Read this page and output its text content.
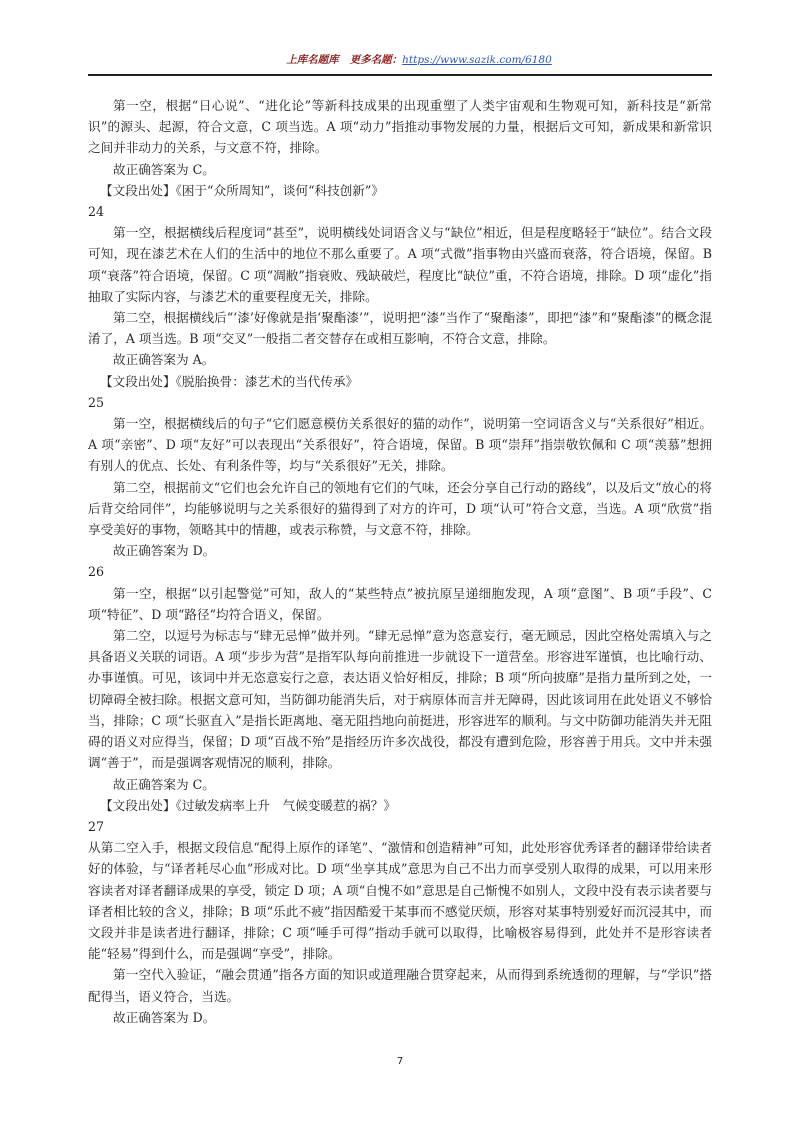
上库名题库 更多名题：https://www.sazik.com/6180

第一空，根据“日心说”、“进化论”等新科技成果的出现重塑了人类宇宙观和生物观可知，新科技是“新常识”的源头、起源，符合文意，C 项当选。A 项“动力”指推动事物发展的力量，根据后文可知，新成果和新常识之间并非动力的关系，与文意不符，排除。

故正确答案为 C。

【文段出处】《困于“众所周知”，谈何“科技创新”》

24

第一空，根据横线后程度词“甚至”，说明横线处词语含义与“缺位”相近，但是程度略轻于“缺位”。结合文段可知，现在漆艺术在人们的生活中的地位不那么重要了。A 项“式微”指事物由兴盛而衰落，符合语境，保留。B 项“衰落”符合语境，保留。C 项“凋敝”指衰败、残缺破烂，程度比“缺位”重，不符合语境，排除。D 项“虚化”指抽取了实际内容，与漆艺术的重要程度无关，排除。

第二空，根据横线后“‘漆’好像就是指‘聚酯漆’”，说明把“漆”当作了“聚酯漆”，即把“漆”和“聚酯漆”的概念混淆了，A 项当选。B 项“交叉”一般指二者交替存在或相互影响，不符合文意，排除。

故正确答案为 A。

【文段出处】《脱胎换骨：漆艺术的当代传承》

25

第一空，根据横线后的句子“它们愿意模仿关系很好的猫的动作”，说明第一空词语含义与“关系很好”相近。A 项“亲密”、D 项“友好”可以表现出“关系很好”，符合语境，保留。B 项“崇拜”指崇敬钦佩和 C 项“羡慕”想拥有别人的优点、长处、有利条件等，均与“关系很好”无关，排除。

第二空，根据前文“它们也会允许自己的领地有它们的气味，还会分享自己行动的路线”，以及后文“放心的将后背交给同伴”，均能够说明与之关系很好的猫得到了对方的许可，D 项“认可”符合文意，当选。A 项“欣赏”指享受美好的事物，领略其中的情趣，或表示称赞，与文意不符，排除。

故正确答案为 D。

26

第一空，根据“以引起警觉”可知，敌人的“某些特点”被抗原呈递细胞发现，A 项“意图”、B 项“手段”、C 项“特征”、D 项“路径”均符合语义，保留。

第二空，以逗号为标志与“肆无忌惮”做并列。“肆无忌惮”意为恣意妄行，毫无顾忌，因此空格处需填入与之具备语义关联的词语。A 项“步步为营”是指军队每向前推进一步就设下一道营垒。形容进军谨慎，也比喻行动、办事谨慎。可见，该词中并无恣意妄行之意，表达语义恰好相反，排除；B 项“所向披靡”是指力量所到之处，一切障碍全被扫除。根据文意可知，当防御功能消失后，对于病原体而言并无障碍，因此该词用在此处语义不够恰当，排除；C 项“长驱直入”是指长距离地、毫无阻挡地向前挺进，形容进军的顺利。与文中防御功能消失并无阻碍的语义对应得当，保留；D 项“百战不殆”是指经历许多次战役，都没有遭到危险，形容善于用兵。文中并未强调“善于”，而是强调客观情况的顺利，排除。

故正确答案为 C。

【文段出处】《过敏发病率上升　气候变暖惹的祸？》

27

从第二空入手，根据文段信息“配得上原作的译笔”、“激情和创造精神”可知，此处形容优秀译者的翻译带给读者好的体验，与“译者耗尽心血”形成对比。D 项“坐享其成”意思为自己不出力而享受别人取得的成果，可以用来形容读者对译者翻译成果的享受，锁定 D 项；A 项“自愧不如”意思是自己惭愧不如别人，文段中没有表示读者要与译者相比较的含义，排除；B 项“乐此不疲”指因酷爱干某事而不感觉厌烦，形容对某事特别爱好而沉浸其中，而文段并非是读者进行翻译，排除；C 项“唾手可得”指动手就可以取得，比喻极容易得到，此处并不是形容读者能“轻易”得到什么，而是强调“享受”，排除。

第一空代入验证，“融会贯通”指各方面的知识或道理融合贯穿起来，从而得到系统透彻的理解，与“学识”搭配得当，语义符合，当选。

故正确答案为 D。

7
